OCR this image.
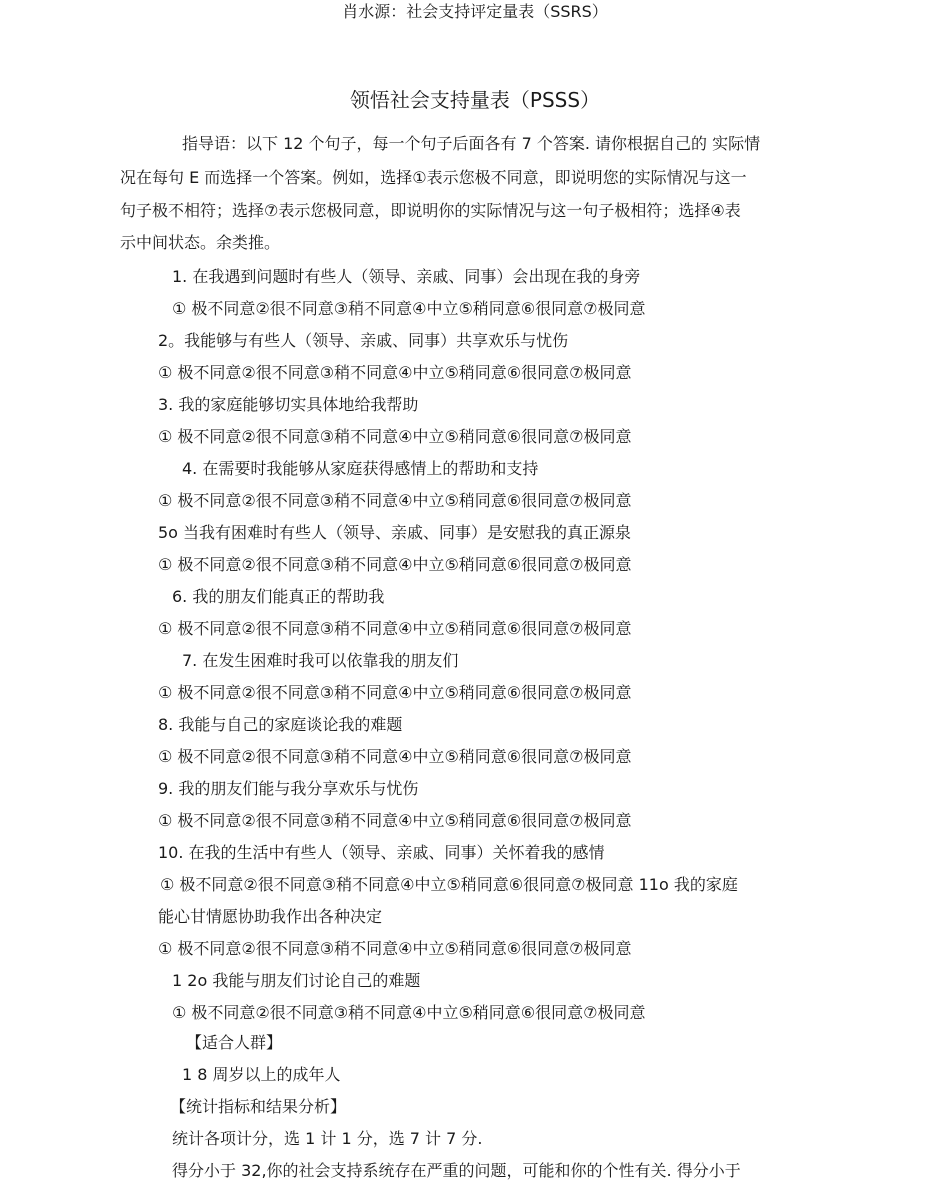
肖水源：社会支持评定量表（SSRS）
领悟社会支持量表（PSSS）
指导语：以下 12 个句子，每一个句子后面各有 7 个答案. 请你根据自己的 实际情
况在每句 E 而选择一个答案。例如，选择①表示您极不同意，即说明您的实际情况与这一
句子极不相符；选择⑦表示您极同意，即说明你的实际情况与这一句子极相符；选择④表
示中间状态。余类推。
1. 在我遇到问题时有些人（领导、亲戚、同事）会出现在我的身旁
① 极不同意②很不同意③稍不同意④中立⑤稍同意⑥很同意⑦极同意
2。我能够与有些人（领导、亲戚、同事）共享欢乐与忧伤
① 极不同意②很不同意③稍不同意④中立⑤稍同意⑥很同意⑦极同意
3. 我的家庭能够切实具体地给我帮助
① 极不同意②很不同意③稍不同意④中立⑤稍同意⑥很同意⑦极同意
4. 在需要时我能够从家庭获得感情上的帮助和支持
① 极不同意②很不同意③稍不同意④中立⑤稍同意⑥很同意⑦极同意
5o 当我有困难时有些人（领导、亲戚、同事）是安慰我的真正源泉
① 极不同意②很不同意③稍不同意④中立⑤稍同意⑥很同意⑦极同意
6. 我的朋友们能真正的帮助我
① 极不同意②很不同意③稍不同意④中立⑤稍同意⑥很同意⑦极同意
7. 在发生困难时我可以依靠我的朋友们
① 极不同意②很不同意③稍不同意④中立⑤稍同意⑥很同意⑦极同意
8. 我能与自己的家庭谈论我的难题
① 极不同意②很不同意③稍不同意④中立⑤稍同意⑥很同意⑦极同意
9. 我的朋友们能与我分享欢乐与忧伤
① 极不同意②很不同意③稍不同意④中立⑤稍同意⑥很同意⑦极同意
10. 在我的生活中有些人（领导、亲戚、同事）关怀着我的感情
① 极不同意②很不同意③稍不同意④中立⑤稍同意⑥很同意⑦极同意 11o 我的家庭
能心甘情愿协助我作出各种决定
① 极不同意②很不同意③稍不同意④中立⑤稍同意⑥很同意⑦极同意
1 2o 我能与朋友们讨论自己的难题
① 极不同意②很不同意③稍不同意④中立⑤稍同意⑥很同意⑦极同意
【适合人群】
1 8 周岁以上的成年人
【统计指标和结果分析】
统计各项计分，选 1 计 1 分，选 7 计 7 分.
得分小于 32,你的社会支持系统存在严重的问题，可能和你的个性有关. 得分小于
